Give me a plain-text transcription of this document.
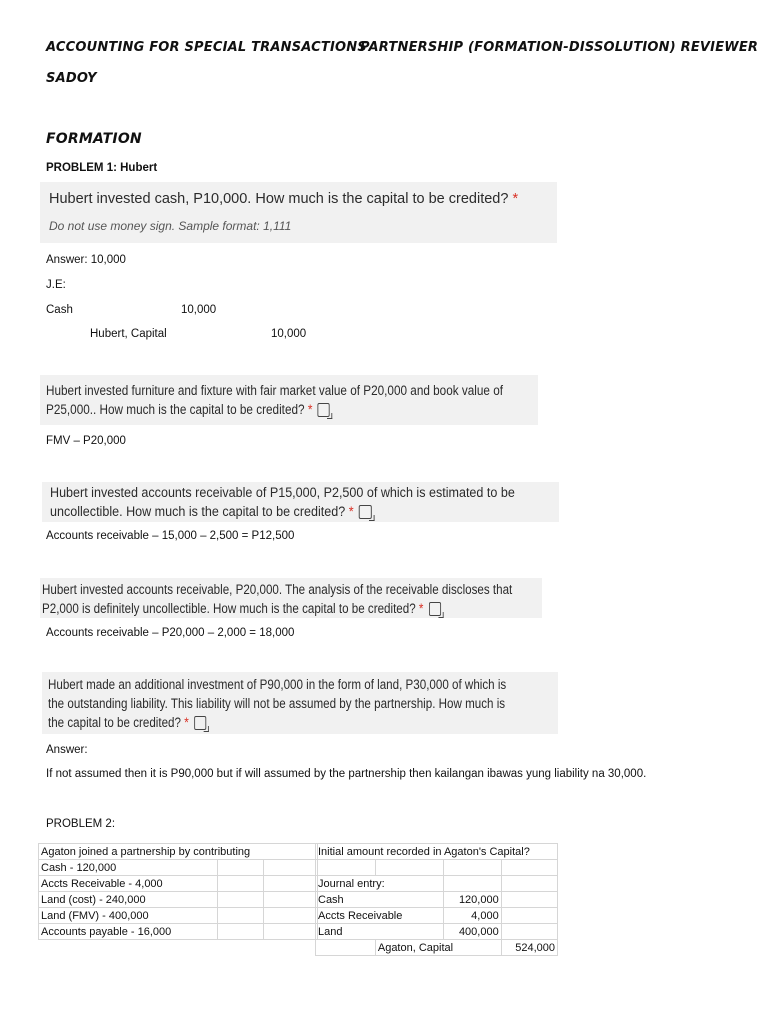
ACCOUNTING FOR SPECIAL TRANSACTIONS
PARTNERSHIP (FORMATION-DISSOLUTION) REVIEWER
SADOY
FORMATION
PROBLEM 1: Hubert
Hubert invested cash, P10,000. How much is the capital to be credited? *
Do not use money sign. Sample format: 1,111
Answer: 10,000
J.E:
Cash	10,000
Hubert, Capital	10,000
Hubert invested furniture and fixture with fair market value of P20,000 and book value of
P25,000.. How much is the capital to be credited? *
FMV – P20,000
Hubert invested accounts receivable of P15,000, P2,500 of which is estimated to be
uncollectible. How much is the capital to be credited? *
Accounts receivable – 15,000 – 2,500 = P12,500
Hubert invested accounts receivable, P20,000. The analysis of the receivable discloses that
P2,000 is definitely uncollectible. How much is the capital to be credited? *
Accounts receivable – P20,000 – 2,000 = 18,000
Hubert made an additional investment of P90,000 in the form of land, P30,000 of which is
the outstanding liability. This liability will not be assumed by the partnership. How much is
the capital to be credited? *
Answer:
If not assumed then it is P90,000 but if will assumed by the partnership then kailangan ibawas yung liability na 30,000.
PROBLEM 2:
Agaton joined a partnership by contributing		
Cash - 120,000		
Accts Receivable - 4,000		
Land (cost) - 240,000		
Land (FMV) - 400,000		
Accounts payable - 16,000		
Initial amount recorded in Agaton's Capital?			

Journal entry:			
Cash		120,000	
Accts Receivable		4,000	
Land		400,000	
	Agaton, Capital		524,000
